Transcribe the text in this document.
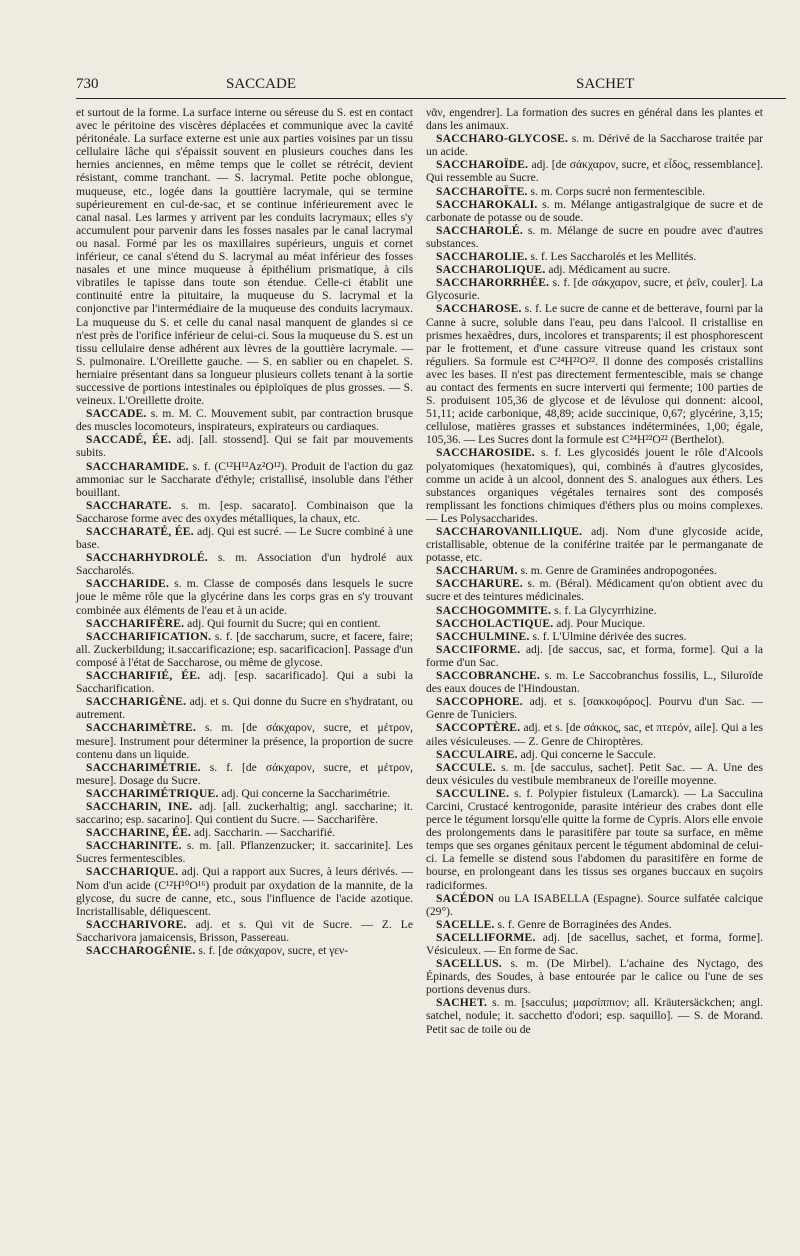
730	SACCADE	SACHET

et surtout de la forme. La surface interne ou séreuse du S. est en contact avec le péritoine des viscères déplacées et communique avec la cavité péritonéale. La surface externe est unie aux parties voisines par un tissu cellulaire lâche qui s'épaissit souvent en plusieurs couches dans les hernies anciennes, en même temps que le collet se rétrécit, devient résistant, comme tranchant. — S. lacrymal. Petite poche oblongue, muqueuse, etc., logée dans la gouttière lacrymale, qui se termine supérieurement en cul-de-sac, et se continue inférieurement avec le canal nasal. Les larmes y arrivent par les conduits lacrymaux; elles s'y accumulent pour parvenir dans les fosses nasales par le canal lacrymal ou nasal. Formé par les os maxillaires supérieurs, unguis et cornet inférieur, ce canal s'étend du S. lacrymal au méat inférieur des fosses nasales et une mince muqueuse à épithélium prismatique, à cils vibratiles le tapisse dans toute son étendue. Celle-ci établit une continuité entre la pituitaire, la muqueuse du S. lacrymal et la conjonctive par l'intermédiaire de la muqueuse des conduits lacrymaux. La muqueuse du S. et celle du canal nasal manquent de glandes si ce n'est près de l'orifice inférieur de celui-ci. Sous la muqueuse du S. est un tissu cellulaire dense adhérent aux lèvres de la gouttière lacrymale. — S. pulmonaire. L'Oreillette gauche. — S. en sablier ou en chapelet. S. herniaire présentant dans sa longueur plusieurs collets tenant à la sortie successive de portions intestinales ou épiploïques de plus grosses. — S. veineux. L'Oreillette droite.

SACCADE. s. m. M. C. Mouvement subit, par contraction brusque des muscles locomoteurs, inspirateurs, expirateurs ou cardiaques.

SACCADÉ, ÉE. adj. [all. stossend]. Qui se fait par mouvements subits.

SACCHARAMIDE. s. f. (C¹²H¹²Az²O¹²). Produit de l'action du gaz ammoniac sur le Saccharate d'éthyle; cristallisé, insoluble dans l'éther bouillant.

SACCHARATE. s. m. [esp. sacarato]. Combinaison que la Saccharose forme avec des oxydes métalliques, la chaux, etc.

SACCHARATÉ, ÉE. adj. Qui est sucré. — Le Sucre combiné à une base.

SACCHARHYDROLÉ. s. m. Association d'un hydrolé aux Saccharolés.

SACCHARIDE. s. m. Classe de composés dans lesquels le sucre joue le même rôle que la glycérine dans les corps gras en s'y trouvant combinée aux éléments de l'eau et à un acide.

SACCHARIFÈRE. adj. Qui fournit du Sucre; qui en contient.

SACCHARIFICATION. s. f. [de saccharum, sucre, et facere, faire; all. Zuckerbildung; it.saccarificazione; esp. sacarificacion]. Passage d'un composé à l'état de Saccharose, ou même de glycose.

SACCHARIFIÉ, ÉE. adj. [esp. sacarificado]. Qui a subi la Saccharification.

SACCHARIGÈNE. adj. et s. Qui donne du Sucre en s'hydratant, ou autrement.

SACCHARIMÈTRE. s. m. [de σάκχαρον, sucre, et μέτρον, mesure]. Instrument pour déterminer la présence, la proportion de sucre contenu dans un liquide.

SACCHARIMÉTRIE. s. f. [de σάκχαρον, sucre, et μέτρον, mesure]. Dosage du Sucre.

SACCHARIMÉTRIQUE. adj. Qui concerne la Saccharimétrie.

SACCHARIN, INE. adj. [all. zuckerhaltig; angl. saccharine; it. saccarino; esp. sacarino]. Qui contient du Sucre. — Saccharifère.

SACCHARINE, ÉE. adj. Saccharin. — Saccharifié.

SACCHARINITE. s. m. [all. Pflanzenzucker; it. saccarinite]. Les Sucres fermentescibles.

SACCHARIQUE. adj. Qui a rapport aux Sucres, à leurs dérivés. — Nom d'un acide (C¹²H¹⁰O¹⁶) produit par oxydation de la mannite, de la glycose, du sucre de canne, etc., sous l'influence de l'acide azotique. Incristallisable, déliquescent.

SACCHARIVORE. adj. et s. Qui vit de Sucre. — Z. Le Saccharivora jamaicensis, Brisson, Passereau.

SACCHAROGÉNIE. s. f. [de σάκχαρον, sucre, et γεν-

νᾶν, engendrer]. La formation des sucres en général dans les plantes et dans les animaux.

SACCHARO-GLYCOSE. s. m. Dérivé de la Saccharose traitée par un acide.

SACCHAROÏDE. adj. [de σάκχαρον, sucre, et εἶδος, ressemblance]. Qui ressemble au Sucre.

SACCHAROÏTE. s. m. Corps sucré non fermentescible.

SACCHAROKALI. s. m. Mélange antigastralgique de sucre et de carbonate de potasse ou de soude.

SACCHAROLÉ. s. m. Mélange de sucre en poudre avec d'autres substances.

SACCHAROLIE. s. f. Les Saccharolés et les Mellités.

SACCHAROLIQUE. adj. Médicament au sucre.

SACCHARORRHÉE. s. f. [de σάκχαρον, sucre, et ῥεῖν, couler]. La Glycosurie.

SACCHAROSE. s. f. Le sucre de canne et de betterave, fourni par la Canne à sucre, soluble dans l'eau, peu dans l'alcool. Il cristallise en prismes hexaèdres, durs, incolores et transparents; il est phosphorescent par le frottement, et d'une cassure vitreuse quand les cristaux sont réguliers. Sa formule est C²⁴H²²O²². Il donne des composés cristallins avec les bases. Il n'est pas directement fermentescible, mais se change au contact des ferments en sucre interverti qui fermente; 100 parties de S. produisent 105,36 de glycose et de lévulose qui donnent: alcool, 51,11; acide carbonique, 48,89; acide succinique, 0,67; glycérine, 3,15; cellulose, matières grasses et substances indéterminées, 1,00; égale, 105,36. — Les Sucres dont la formule est C²⁴H²²O²² (Berthelot).

SACCHAROSIDE. s. f. Les glycosidés jouent le rôle d'Alcools polyatomiques (hexatomiques), qui, combinés à d'autres glycosides, comme un acide à un alcool, donnent des S. analogues aux éthers. Les substances organiques végétales ternaires sont des composés remplissant les fonctions chimiques d'éthers plus ou moins complexes. — Les Polysaccharides.

SACCHAROVANILLIQUE. adj. Nom d'une glycoside acide, cristallisable, obtenue de la coniférine traitée par le permanganate de potasse, etc.

SACCHARUM. s. m. Genre de Graminées andropogonées.

SACCHARURE. s. m. (Béral). Médicament qu'on obtient avec du sucre et des teintures médicinales.

SACCHOGOMMITE. s. f. La Glycyrrhizine.

SACCHOLACTIQUE. adj. Pour Mucique.

SACCHULMINE. s. f. L'Ulmine dérivée des sucres.

SACCIFORME. adj. [de saccus, sac, et forma, forme]. Qui a la forme d'un Sac.

SACCOBRANCHE. s. m. Le Saccobranchus fossilis, L., Siluroïde des eaux douces de l'Hindoustan.

SACCOPHORE. adj. et s. [σακκοφόρος]. Pourvu d'un Sac. — Genre de Tuniciers.

SACCOPTÈRE. adj. et s. [de σάκκος, sac, et πτερόν, aile]. Qui a les ailes vésiculeuses. — Z. Genre de Chiroptères.

SACCULAIRE. adj. Qui concerne le Saccule.

SACCULE. s. m. [de sacculus, sachet]. Petit Sac. — A. Une des deux vésicules du vestibule membraneux de l'oreille moyenne.

SACCULINE. s. f. Polypier fistuleux (Lamarck). — La Sacculina Carcini, Crustacé kentrogonide, parasite intérieur des crabes dont elle perce le tégument lorsqu'elle quitte la forme de Cypris. Alors elle envoie des prolongements dans le parasitifère par toute sa surface, en même temps que ses organes génitaux percent le tégument abdominal de celui-ci. La femelle se distend sous l'abdomen du parasitifère en forme de bourse, en prolongeant dans les tissus ses organes buccaux en suçoirs radiciformes.

SACÉDON ou LA ISABELLA (Espagne). Source sulfatée calcique (29°).

SACELLE. s. f. Genre de Borraginées des Andes.

SACELLIFORME. adj. [de sacellus, sachet, et forma, forme]. Vésiculeux. — En forme de Sac.

SACELLUS. s. m. (De Mirbel). L'achaine des Nyctago, des Épinards, des Soudes, à base entourée par le calice ou l'une de ses portions devenus durs.

SACHET. s. m. [sacculus; μαρσίππιον; all. Kräutersäckchen; angl. satchel, nodule; it. sacchetto d'odori; esp. saquillo]. — S. de Morand. Petit sac de toile ou de
